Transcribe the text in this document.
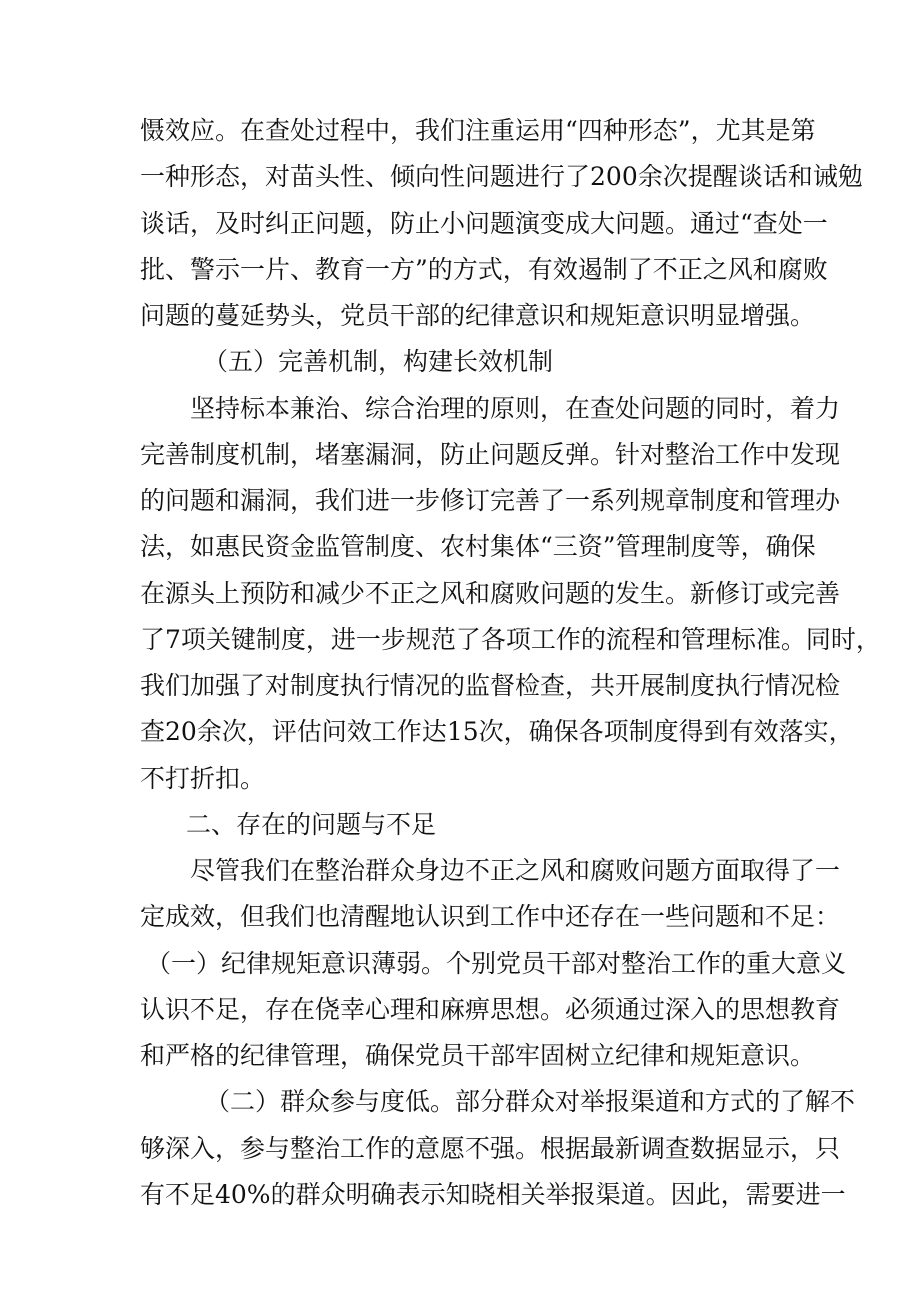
慑效应。在查处过程中，我们注重运用“四种形态”，尤其是第
一种形态，对苗头性、倾向性问题进行了200余次提醒谈话和诫勉
谈话，及时纠正问题，防止小问题演变成大问题。通过“查处一
批、警示一片、教育一方”的方式，有效遏制了不正之风和腐败
问题的蔓延势头，党员干部的纪律意识和规矩意识明显增强。
（五）完善机制，构建长效机制
坚持标本兼治、综合治理的原则，在查处问题的同时，着力
完善制度机制，堵塞漏洞，防止问题反弹。针对整治工作中发现
的问题和漏洞，我们进一步修订完善了一系列规章制度和管理办
法，如惠民资金监管制度、农村集体“三资”管理制度等，确保
在源头上预防和减少不正之风和腐败问题的发生。新修订或完善
了7项关键制度，进一步规范了各项工作的流程和管理标准。同时，
我们加强了对制度执行情况的监督检查，共开展制度执行情况检
查20余次，评估问效工作达15次，确保各项制度得到有效落实，
不打折扣。
二、存在的问题与不足
尽管我们在整治群众身边不正之风和腐败问题方面取得了一
定成效，但我们也清醒地认识到工作中还存在一些问题和不足：
（一）纪律规矩意识薄弱。个别党员干部对整治工作的重大意义
认识不足，存在侥幸心理和麻痹思想。必须通过深入的思想教育
和严格的纪律管理，确保党员干部牢固树立纪律和规矩意识。
（二）群众参与度低。部分群众对举报渠道和方式的了解不
够深入，参与整治工作的意愿不强。根据最新调查数据显示，只
有不足40%的群众明确表示知晓相关举报渠道。因此，需要进一
